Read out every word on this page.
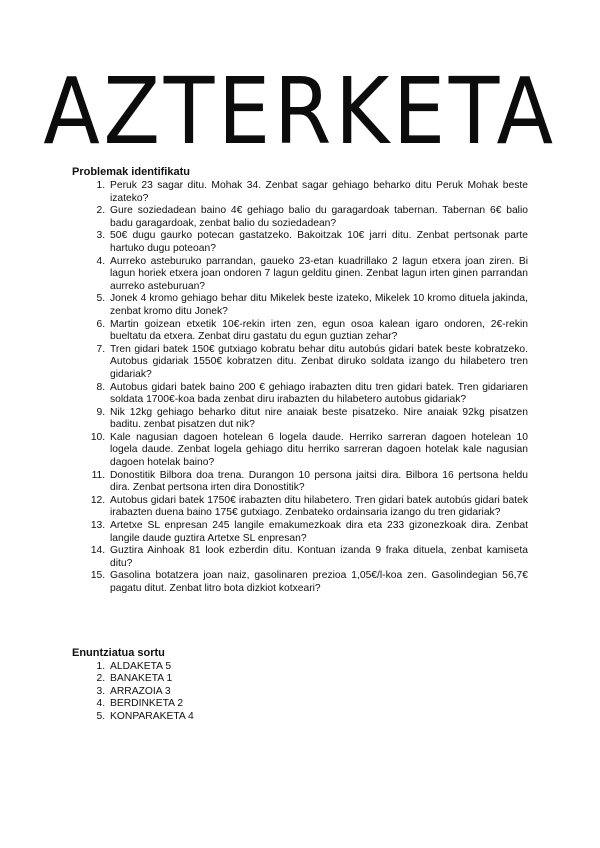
AZTERKETA
Problemak identifikatu
1. Peruk 23 sagar ditu. Mohak 34. Zenbat sagar gehiago beharko ditu Peruk Mohak beste izateko?
2. Gure soziedadean baino 4€ gehiago balio du garagardoak tabernan. Tabernan 6€ balio badu garagardoak, zenbat balio du soziedadean?
3. 50€ dugu gaurko potecan gastatzeko. Bakoitzak 10€ jarri ditu. Zenbat pertsonak parte hartuko dugu poteoan?
4. Aurreko asteburuko parrandan, gaueko 23-etan kuadrillako 2 lagun etxera joan ziren. Bi lagun horiek etxera joan ondoren 7 lagun gelditu ginen. Zenbat lagun irten ginen parrandan aurreko asteburuan?
5. Jonek 4 kromo gehiago behar ditu Mikelek beste izateko, Mikelek 10 kromo dituela jakinda, zenbat kromo ditu Jonek?
6. Martin goizean etxetik 10€-rekin irten zen, egun osoa kalean igaro ondoren, 2€-rekin bueltatu da etxera. Zenbat diru gastatu du egun guztian zehar?
7. Tren gidari batek 150€ gutxiago kobratu behar ditu autobús gidari batek beste kobratzeko. Autobus gidariak 1550€ kobratzen ditu. Zenbat diruko soldata izango du hilabetero tren gidariak?
8. Autobus gidari batek baino 200 € gehiago irabazten ditu tren gidari batek. Tren gidariaren soldata 1700€-koa bada zenbat diru irabazten du hilabetero autobus gidariak?
9. Nik 12kg gehiago beharko ditut nire anaiak beste pisatzeko. Nire anaiak 92kg pisatzen baditu. zenbat pisatzen dut nik?
10. Kale nagusian dagoen hotelean 6 logela daude. Herriko sarreran dagoen hotelean 10 logela daude. Zenbat logela gehiago ditu herriko sarreran dagoen hotelak kale nagusian dagoen hotelak baino?
11. Donostitik Bilbora doa trena. Durangon 10 persona jaitsi dira. Bilbora 16 pertsona heldu dira. Zenbat pertsona irten dira Donostitik?
12. Autobus gidari batek 1750€ irabazten ditu hilabetero. Tren gidari batek autobús gidari batek irabazten duena baino 175€ gutxiago. Zenbateko ordainsaria izango du tren gidariak?
13. Artetxe SL enpresan 245 langile emakumezkoak dira eta 233 gizonezkoak dira. Zenbat langile daude guztira Artetxe SL enpresan?
14. Guztira Ainhoak 81 look ezberdin ditu. Kontuan izanda 9 fraka dituela, zenbat kamiseta ditu?
15. Gasolina botatzera joan naiz, gasolinaren prezioa 1,05€/l-koa zen. Gasolindegian 56,7€ pagatu ditut. Zenbat litro bota dizkiot kotxeari?
Enuntziatua sortu
1. ALDAKETA 5
2. BANAKETA 1
3. ARRAZOIA 3
4. BERDINKETA 2
5. KONPARAKETA 4
